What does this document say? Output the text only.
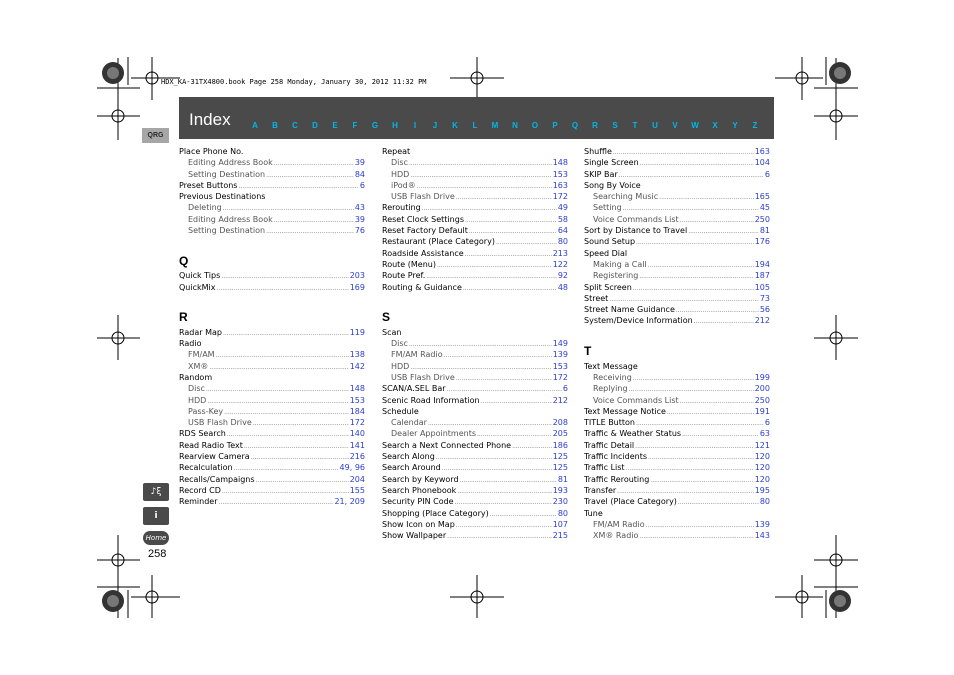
HDX_KA-31TX4800.book Page 258 Monday, January 30, 2012 11:32 PM
Index	A	B	C	D	E	F	G	H	I	J	K	L	M	N	O	P	Q	R	S	T	U	V	W	X	Y	Z
QRG
♪ξ
i
Home
258
Place Phone No.
Editing Address Book .....	39
Setting Destination .....	84
Preset Buttons .....	6
Previous Destinations
Deleting .....	43
Editing Address Book .....	39
Setting Destination .....	76
Q
Quick Tips .....	203
QuickMix .....	169
R
Radar Map .....	119
Radio
FM/AM .....	138
XM® .....	142
Random
Disc .....	148
HDD .....	153
Pass-Key .....	184
USB Flash Drive .....	172
RDS Search .....	140
Read Radio Text .....	141
Rearview Camera .....	216
Recalculation .....	49, 96
Recalls/Campaigns .....	204
Record CD .....	155
Reminder .....	21, 209
Repeat
Disc .....	148
HDD .....	153
iPod® .....	163
USB Flash Drive .....	172
Rerouting .....	49
Reset Clock Settings .....	58
Reset Factory Default .....	64
Restaurant (Place Category) .....	80
Roadside Assistance .....	213
Route (Menu) .....	122
Route Pref. .....	92
Routing & Guidance .....	48
S
Scan
Disc .....	149
FM/AM Radio .....	139
HDD .....	153
USB Flash Drive .....	172
SCAN/A.SEL Bar .....	6
Scenic Road Information .....	212
Schedule
Calendar .....	208
Dealer Appointments .....	205
Search a Next Connected Phone .....	186
Search Along .....	125
Search Around .....	125
Search by Keyword .....	81
Search Phonebook .....	193
Security PIN Code .....	230
Shopping (Place Category) .....	80
Show Icon on Map .....	107
Show Wallpaper .....	215
Shuffle .....	163
Single Screen .....	104
SKIP Bar .....	6
Song By Voice
Searching Music .....	165
Setting .....	45
Voice Commands List .....	250
Sort by Distance to Travel .....	81
Sound Setup .....	176
Speed Dial
Making a Call .....	194
Registering .....	187
Split Screen .....	105
Street .....	73
Street Name Guidance .....	56
System/Device Information .....	212
T
Text Message
Receiving .....	199
Replying .....	200
Voice Commands List .....	250
Text Message Notice .....	191
TITLE Button .....	6
Traffic & Weather Status .....	63
Traffic Detail .....	121
Traffic Incidents .....	120
Traffic List .....	120
Traffic Rerouting .....	120
Transfer .....	195
Travel (Place Category) .....	80
Tune
FM/AM Radio .....	139
XM® Radio .....	143
